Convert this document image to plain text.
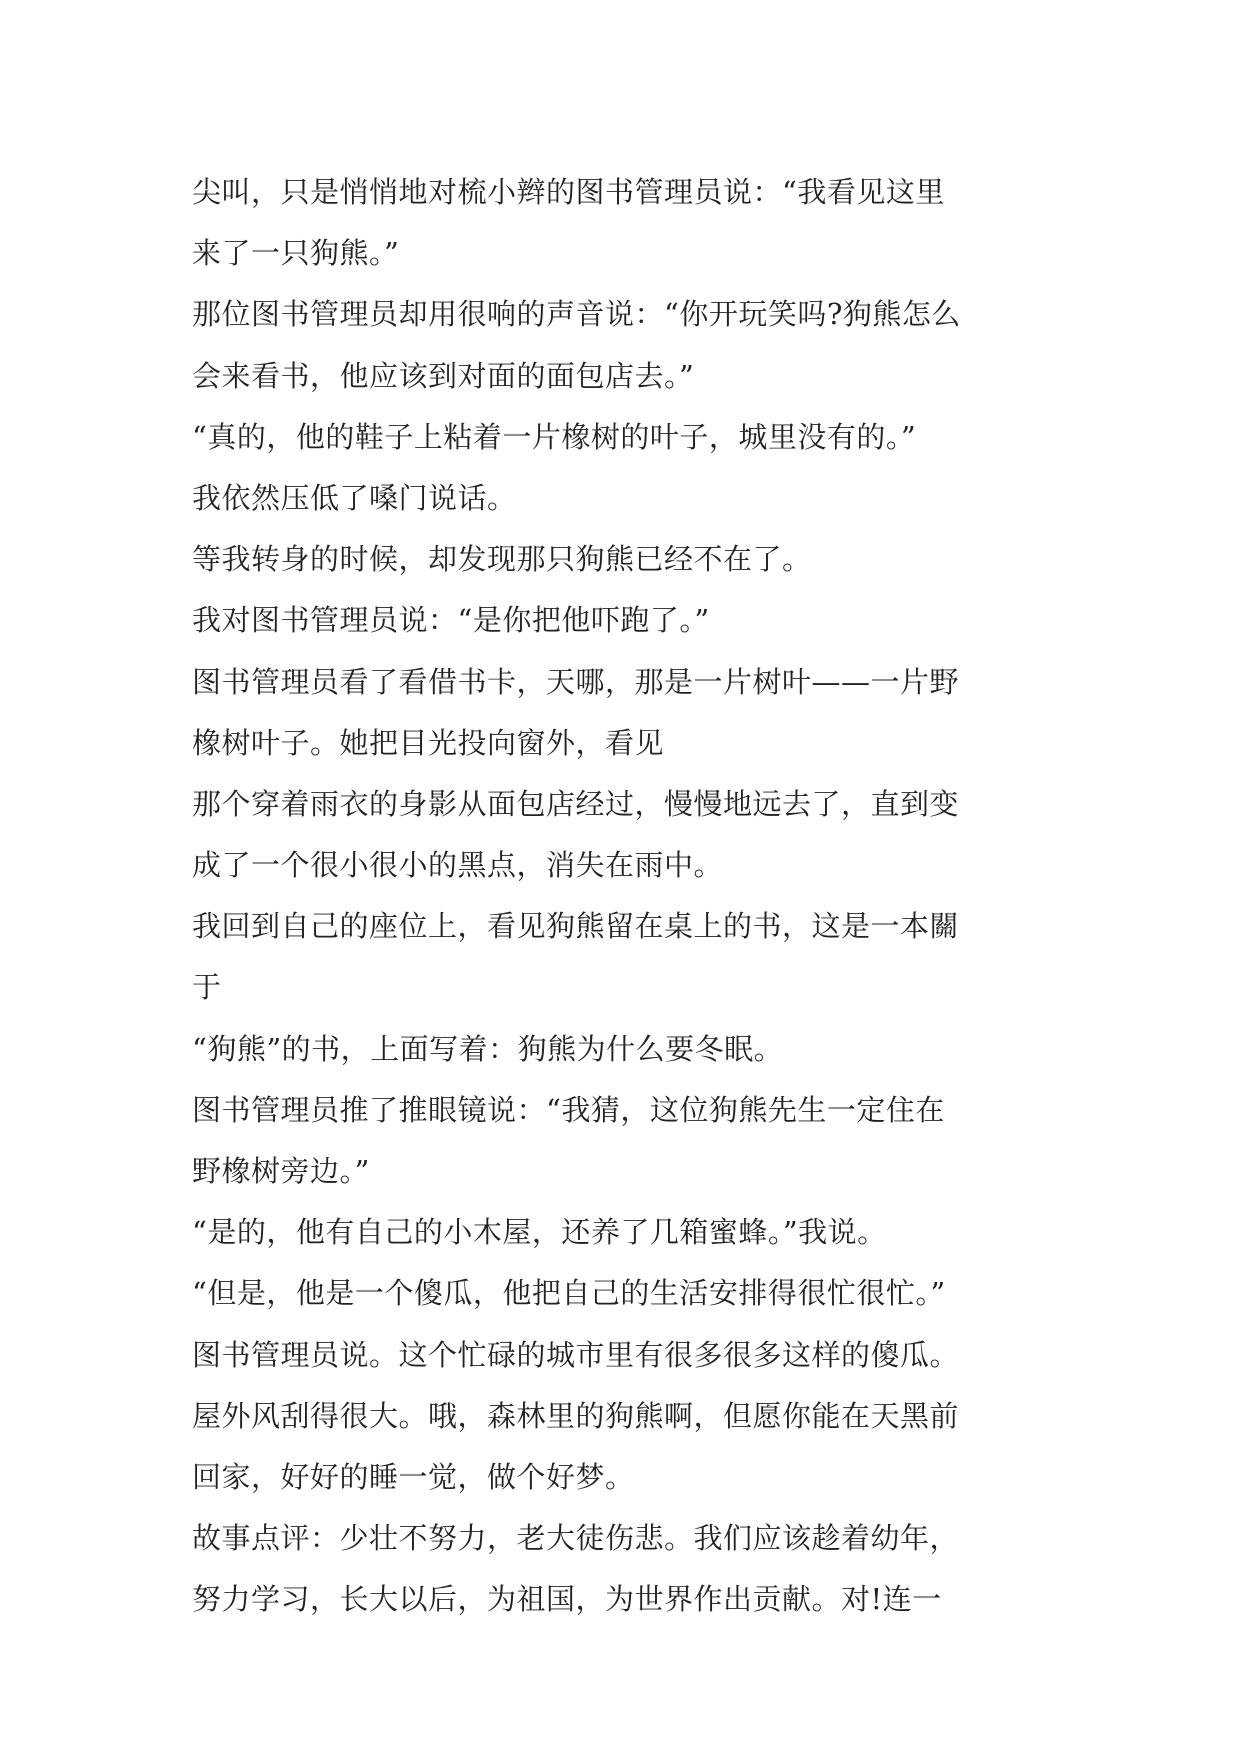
尖叫，只是悄悄地对梳小辫的图书管理员说：“我看见这里
来了一只狗熊。”
那位图书管理员却用很响的声音说：“你开玩笑吗?狗熊怎么
会来看书，他应该到对面的面包店去。”
“真的，他的鞋子上粘着一片橡树的叶子，城里没有的。”
我依然压低了嗓门说话。
等我转身的时候，却发现那只狗熊已经不在了。
我对图书管理员说：“是你把他吓跑了。”
图书管理员看了看借书卡，天哪，那是一片树叶——一片野
橡树叶子。她把目光投向窗外，看见
那个穿着雨衣的身影从面包店经过，慢慢地远去了，直到变
成了一个很小很小的黑点，消失在雨中。
我回到自己的座位上，看见狗熊留在桌上的书，这是一本關
于
“狗熊”的书，上面写着：狗熊为什么要冬眠。
图书管理员推了推眼镜说：“我猜，这位狗熊先生一定住在
野橡树旁边。”
“是的，他有自己的小木屋，还养了几箱蜜蜂。”我说。
“但是，他是一个傻瓜，他把自己的生活安排得很忙很忙。”
图书管理员说。这个忙碌的城市里有很多很多这样的傻瓜。
屋外风刮得很大。哦，森林里的狗熊啊，但愿你能在天黑前
回家，好好的睡一觉，做个好梦。
故事点评：少壮不努力，老大徒伤悲。我们应该趁着幼年，
努力学习，长大以后，为祖国，为世界作出贡献。对!连一
